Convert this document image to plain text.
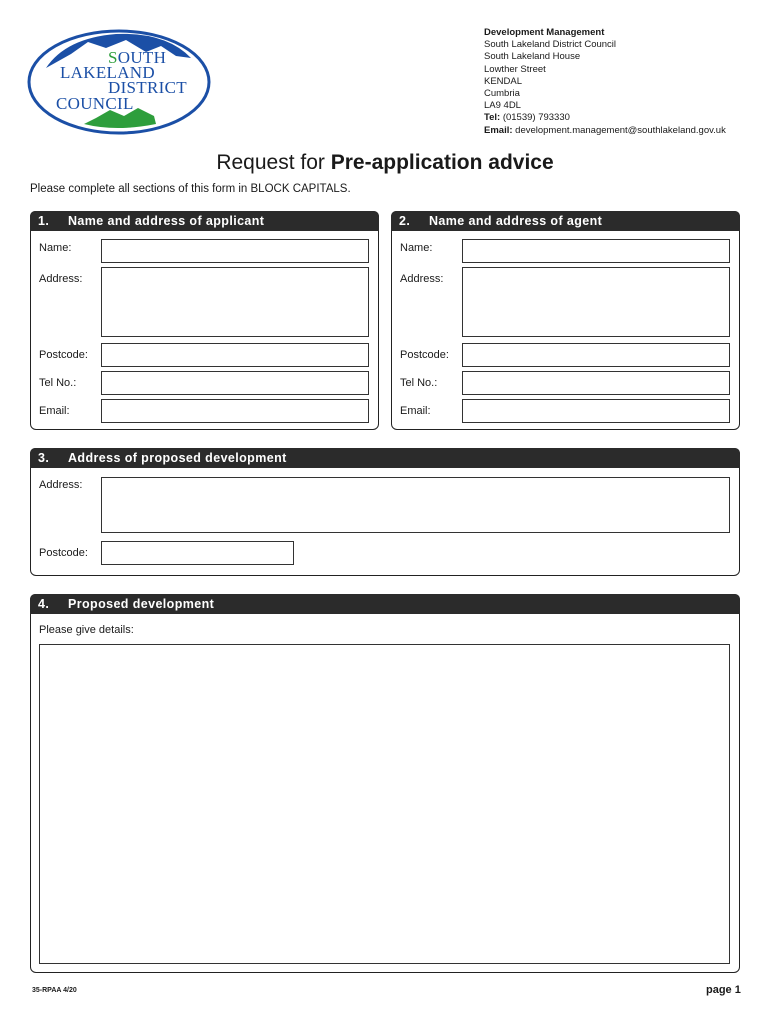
SOUTH
LAKELAND
DISTRICT
COUNCIL
Development Management
South Lakeland District Council
South Lakeland House
Lowther Street
KENDAL
Cumbria
LA9 4DL
Tel: (01539) 793330
Email: development.management@southlakeland.gov.uk
Request for Pre-application advice
Please complete all sections of this form in BLOCK CAPITALS.
1. Name and address of applicant
Name:
Address:
Postcode:
Tel No.:
Email:
2. Name and address of agent
Name:
Address:
Postcode:
Tel No.:
Email:
3. Address of proposed development
Address:
Postcode:
4. Proposed development
Please give details:
35-RPAA 4/20	page 1
